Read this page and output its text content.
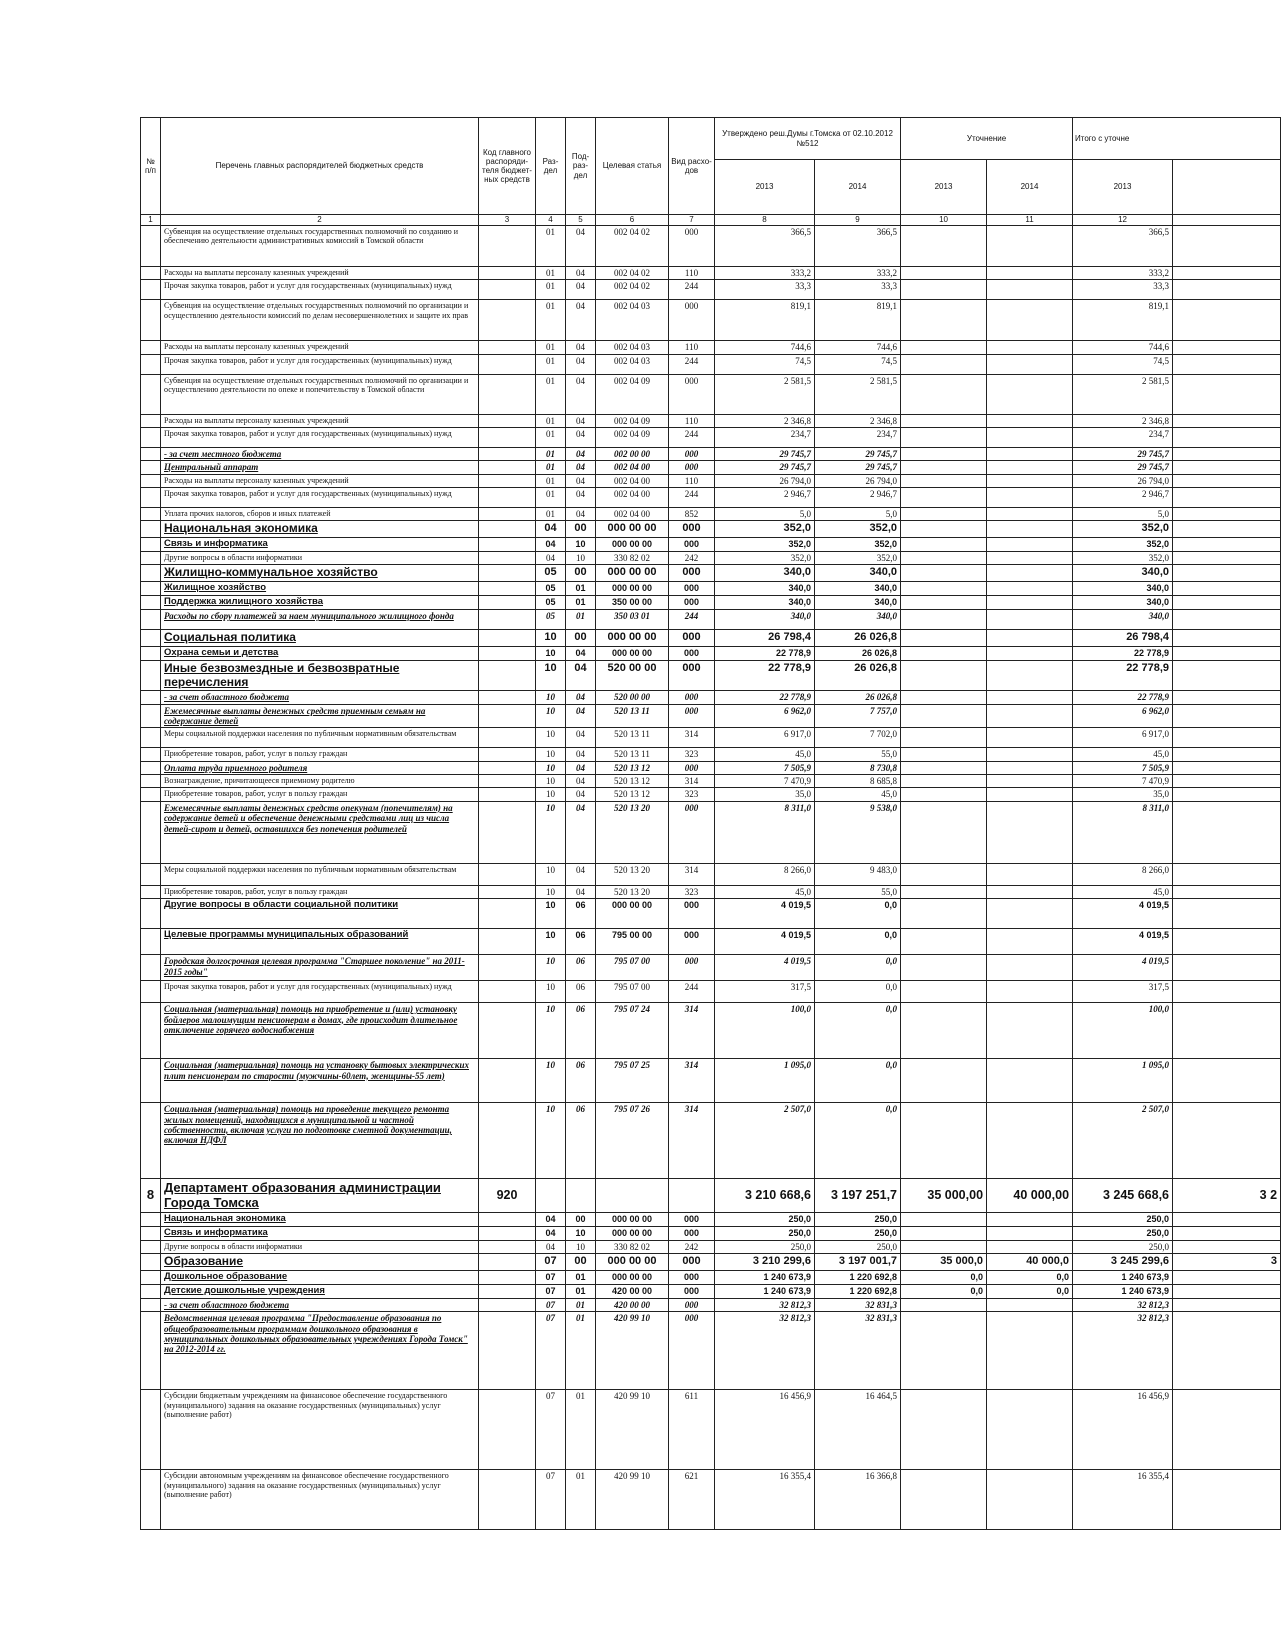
№ п/п	Перечень главных распорядителей бюджетных средств	Код главного распоряди-теля бюджет-ных средств	Раз-дел	Под-раз-дел	Целевая статья	Вид расхо-дов	Утверждено реш.Думы г.Томска от 02.10.2012 №512		Уточнение		Итого с уточне	
							2013	2014	2013	2014	2013	
1	2	3	4	5	6	7	8	9	10	11	12	
	Субвенция на осуществление отдельных государственных полномочий по созданию и обеспечению деятельности административных комиссий в Томской области		01	04	002 04 02	000	366,5	366,5			366,5	
	Расходы на выплаты персоналу казенных учреждений		01	04	002 04 02	110	333,2	333,2			333,2	
	Прочая закупка товаров, работ и услуг для государственных (муниципальных) нужд		01	04	002 04 02	244	33,3	33,3			33,3	
	Субвенция на осуществление отдельных государственных полномочий по организации и осуществлению деятельности комиссий по делам несовершеннолетних и защите их прав		01	04	002 04 03	000	819,1	819,1			819,1	
	Расходы на выплаты персоналу казенных учреждений		01	04	002 04 03	110	744,6	744,6			744,6	
	Прочая закупка товаров, работ и услуг для государственных (муниципальных) нужд		01	04	002 04 03	244	74,5	74,5			74,5	
	Субвенция на осуществление отдельных государственных полномочий по организации и осуществлению деятельности по опеке и попечительству в Томской области		01	04	002 04 09	000	2 581,5	2 581,5			2 581,5	
	Расходы на выплаты персоналу казенных учреждений		01	04	002 04 09	110	2 346,8	2 346,8			2 346,8	
	Прочая закупка товаров, работ и услуг для государственных (муниципальных) нужд		01	04	002 04 09	244	234,7	234,7			234,7	
	- за счет местного бюджета		01	04	002 00 00	000	29 745,7	29 745,7			29 745,7	
	Центральный аппарат		01	04	002 04 00	000	29 745,7	29 745,7			29 745,7	
	Расходы на выплаты персоналу казенных учреждений		01	04	002 04 00	110	26 794,0	26 794,0			26 794,0	
	Прочая закупка товаров, работ и услуг для государственных (муниципальных) нужд		01	04	002 04 00	244	2 946,7	2 946,7			2 946,7	
	Уплата прочих налогов, сборов и иных платежей		01	04	002 04 00	852	5,0	5,0			5,0	
	Национальная экономика		04	00	000 00 00	000	352,0	352,0			352,0	
	Связь и информатика		04	10	000 00 00	000	352,0	352,0			352,0	
	Другие вопросы в области информатики		04	10	330 82 02	242	352,0	352,0			352,0	
	Жилищно-коммунальное хозяйство		05	00	000 00 00	000	340,0	340,0			340,0	
	Жилищное хозяйство		05	01	000 00 00	000	340,0	340,0			340,0	
	Поддержка жилищного хозяйства		05	01	350 00 00	000	340,0	340,0			340,0	
	Расходы по сбору платежей за наем муниципального жилищного фонда		05	01	350 03 01	244	340,0	340,0			340,0	
	Социальная политика		10	00	000 00 00	000	26 798,4	26 026,8			26 798,4	
	Охрана семьи и детства		10	04	000 00 00	000	22 778,9	26 026,8			22 778,9	
	Иные безвозмездные и безвозвратные перечисления		10	04	520 00 00	000	22 778,9	26 026,8			22 778,9	
	- за счет областного бюджета		10	04	520 00 00	000	22 778,9	26 026,8			22 778,9	
	Ежемесячные выплаты денежных средств приемным семьям на содержание детей		10	04	520 13 11	000	6 962,0	7 757,0			6 962,0	
	Меры социальной поддержки населения по публичным нормативным обязательствам		10	04	520 13 11	314	6 917,0	7 702,0			6 917,0	
	Приобретение товаров, работ, услуг в пользу граждан		10	04	520 13 11	323	45,0	55,0			45,0	
	Оплата труда приемного родителя		10	04	520 13 12	000	7 505,9	8 730,8			7 505,9	
	Вознаграждение, причитающееся приемному родителю		10	04	520 13 12	314	7 470,9	8 685,8			7 470,9	
	Приобретение товаров, работ, услуг в пользу граждан		10	04	520 13 12	323	35,0	45,0			35,0	
	Ежемесячные выплаты денежных средств опекунам (попечителям) на содержание детей и обеспечение денежными средствами лиц из числа детей-сирот и детей, оставшихся без попечения родителей		10	04	520 13 20	000	8 311,0	9 538,0			8 311,0	
	Меры социальной поддержки населения по публичным нормативным обязательствам		10	04	520 13 20	314	8 266,0	9 483,0			8 266,0	
	Приобретение товаров, работ, услуг в пользу граждан		10	04	520 13 20	323	45,0	55,0			45,0	
	Другие вопросы в области социальной политики		10	06	000 00 00	000	4 019,5	0,0			4 019,5	
	Целевые программы муниципальных образований		10	06	795 00 00	000	4 019,5	0,0			4 019,5	
	Городская долгосрочная целевая программа "Старшее поколение" на 2011-2015 годы"		10	06	795 07 00	000	4 019,5	0,0			4 019,5	
	Прочая закупка товаров, работ и услуг для государственных (муниципальных) нужд		10	06	795 07 00	244	317,5	0,0			317,5	
	Социальная (материальная) помощь на приобретение и (или) установку бойлеров малоимущим пенсионерам в домах, где происходит длительное отключение горячего водоснабжения		10	06	795 07 24	314	100,0	0,0			100,0	
	Социальная (материальная) помощь на установку бытовых электрических плит пенсионерам по старости (мужчины-60лет, женщины-55 лет)		10	06	795 07 25	314	1 095,0	0,0			1 095,0	
	Социальная (материальная) помощь на проведение текущего ремонта жилых помещений, находящихся в муниципальной и частной собственности, включая услуги по подготовке сметной документации, включая НДФЛ		10	06	795 07 26	314	2 507,0	0,0			2 507,0	
8	Департамент образования администрации Города Томска	920					3 210 668,6	3 197 251,7	35 000,00	40 000,00	3 245 668,6	3 2
	Национальная экономика		04	00	000 00 00	000	250,0	250,0			250,0	
	Связь и информатика		04	10	000 00 00	000	250,0	250,0			250,0	
	Другие вопросы в области информатики		04	10	330 82 02	242	250,0	250,0			250,0	
	Образование		07	00	000 00 00	000	3 210 299,6	3 197 001,7	35 000,0	40 000,0	3 245 299,6	3
	Дошкольное образование		07	01	000 00 00	000	1 240 673,9	1 220 692,8	0,0	0,0	1 240 673,9	
	Детские дошкольные учреждения		07	01	420 00 00	000	1 240 673,9	1 220 692,8	0,0	0,0	1 240 673,9	
	- за счет областного бюджета		07	01	420 00 00	000	32 812,3	32 831,3			32 812,3	
	Ведомственная целевая программа "Предоставление образования по общеобразовательным программам дошкольного образования в муниципальных дошкольных образовательных учреждениях Города Томск" на 2012-2014 гг.		07	01	420 99 10	000	32 812,3	32 831,3			32 812,3	
	Субсидии бюджетным учреждениям на финансовое обеспечение государственного (муниципального) задания на оказание государственных (муниципальных) услуг (выполнение работ)		07	01	420 99 10	611	16 456,9	16 464,5			16 456,9	
	Субсидии автономным учреждениям на финансовое обеспечение государственного (муниципального) задания на оказание государственных (муниципальных) услуг (выполнение работ)		07	01	420 99 10	621	16 355,4	16 366,8			16 355,4	
